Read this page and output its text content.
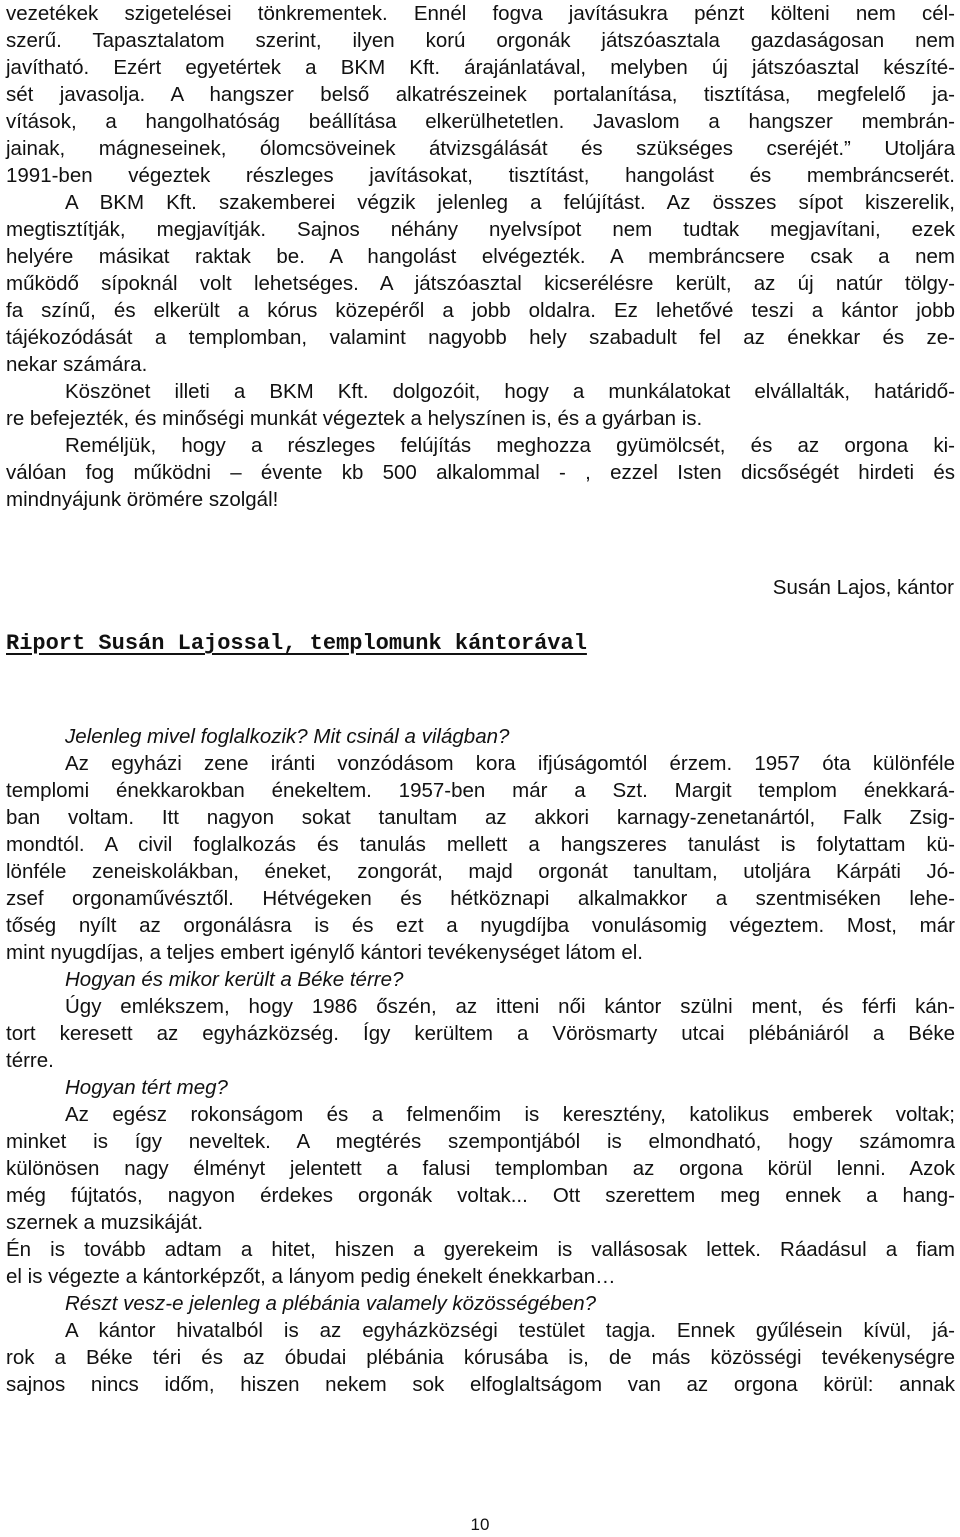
vezetékek szigetelései tönkrementek. Ennél fogva javításukra pénzt költeni nem cél-
szerű. Tapasztalatom szerint, ilyen korú orgonák játszóasztala gazdaságosan nem
javítható. Ezért egyetértek a BKM Kft. árajánlatával, melyben új játszóasztal készíté-
sét javasolja. A hangszer belső alkatrészeinek portalanítása, tisztítása, megfelelő ja-
vítások, a hangolhatóság beállítása elkerülhetetlen. Javaslom a hangszer membrán-
jainak, mágneseinek, ólomcsöveinek átvizsgálását és szükséges cseréjét.” Utoljára
1991-ben végeztek részleges javításokat, tisztítást, hangolást és membráncserét.
A BKM Kft. szakemberei végzik jelenleg a felújítást. Az összes sípot kiszerelik,
megtisztítják, megjavítják. Sajnos néhány nyelvsípot nem tudtak megjavítani, ezek
helyére másikat raktak be. A hangolást elvégezték. A membráncsere csak a nem
működő sípoknál volt lehetséges. A játszóasztal kicserélésre került, az új natúr tölgy-
fa színű, és elkerült a kórus közepéről a jobb oldalra. Ez lehetővé teszi a kántor jobb
tájékozódását a templomban, valamint nagyobb hely szabadult fel az énekkar és ze-
nekar számára.
Köszönet illeti a BKM Kft. dolgozóit, hogy a munkálatokat elvállalták, határidő-
re befejezték, és minőségi munkát végeztek a helyszínen is, és a gyárban is.
Reméljük, hogy a részleges felújítás meghozza gyümölcsét, és az orgona ki-
válóan fog működni – évente kb 500 alkalommal - , ezzel Isten dicsőségét hirdeti és
mindnyájunk örömére szolgál!
Susán Lajos, kántor
Riport Susán Lajossal, templomunk kántorával
Jelenleg mivel foglalkozik? Mit csinál a világban?
Az egyházi zene iránti vonzódásom kora ifjúságomtól érzem. 1957 óta különféle
templomi énekkarokban énekeltem. 1957-ben már a Szt. Margit templom énekkará-
ban voltam. Itt nagyon sokat tanultam az akkori karnagy-zenetanártól, Falk Zsig-
mondtól. A civil foglalkozás és tanulás mellett a hangszeres tanulást is folytattam kü-
lönféle zeneiskolákban, éneket, zongorát, majd orgonát tanultam, utoljára Kárpáti Jó-
zsef orgonaművésztől. Hétvégeken és hétköznapi alkalmakkor a szentmiséken lehe-
tőség nyílt az orgonálásra is és ezt a nyugdíjba vonulásomig végeztem. Most, már
mint nyugdíjas, a teljes embert igénylő kántori tevékenységet látom el.
Hogyan és mikor került a Béke térre?
Úgy emlékszem, hogy 1986 őszén, az itteni női kántor szülni ment, és férfi kán-
tort keresett az egyházközség. Így kerültem a Vörösmarty utcai plébániáról a Béke
térre.
Hogyan tért meg?
Az egész rokonságom és a felmenőim is keresztény, katolikus emberek voltak;
minket is így neveltek. A megtérés szempontjából is elmondható, hogy számomra
különösen nagy élményt jelentett a falusi templomban az orgona körül lenni. Azok
még fújtatós, nagyon érdekes orgonák voltak... Ott szerettem meg ennek a hang-
szernek a muzsikáját.
Én is tovább adtam a hitet, hiszen a gyerekeim is vallásosak lettek. Ráadásul a fiam
el is végezte a kántorképzőt, a lányom pedig énekelt énekkarban…
Részt vesz-e jelenleg a plébánia valamely közösségében?
A kántor hivatalból is az egyházközségi testület tagja. Ennek gyűlésein kívül, já-
rok a Béke téri és az óbudai plébánia kórusába is, de más közösségi tevékenységre
sajnos nincs időm, hiszen nekem sok elfoglaltságom van az orgona körül: annak
10
